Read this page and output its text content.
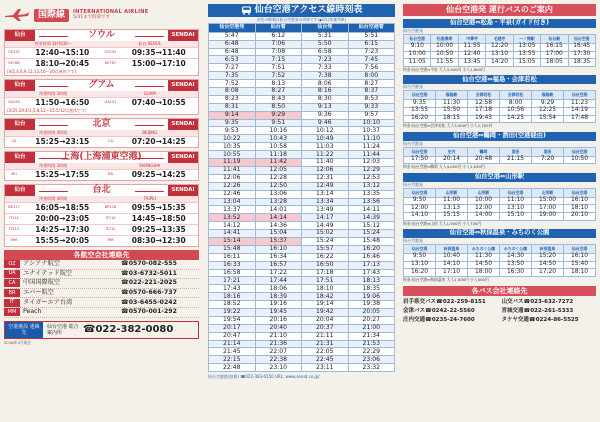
国際線	INTERNATIONAL AIRLINE
5/31まで時刻です
仙台	ソウル	SENDAI
所要時間 2時間30〜	仙台 SEOUL
OZ151	12:40→15:10	OZ152	09:35→11:40
KE768	18:10→20:45	KE767	15:00→17:10
(4/2,4,6,9,11,13,16〜20は運休です)
仙台	グアム	SENDAI
所要時間 3時間	GUAM
UA150	11:50→16:50	UA151	07:40→10:55
(3/25,29,4/1,5,8,12〜15,5/12は運休です)
仙台	北京	SENDAI
所要時間 4時間	BEIJING
CA	15:25→23:15	CA	07:20→14:25
仙台	上海(上海浦東空港)	SENDAI
所要時間 3時間	SHANGHAI
MU	15:25→17:55	MU	09:25→14:25
仙台	台北	SENDAI
所要時間 4時間	TAIPEI
BR117	16:05→18:55	BR118	09:55→15:35
IT211	20:00→23:05	IT210	14:45→18:50
IT213	14:25→17:30	IT212	09:25→13:35
MM	15:55→20:05	MM	08:30→12:30
各航空会社連絡先
OZ	アシアナ航空	☎0570-082-555
UA	ユナイテッド航空	☎03-6732-5011
CA	中国国際航空	☎022-221-2025
BR	エバー航空	☎0570-666-737
IT	タイガーエア台湾	☎03-6455-0242
MM	Peach	☎0570-001-292
空港施設 連絡先
仙台空港 総合案内所	☎022-382-0080
2018年3月現在
仙台空港アクセス線時刻表
赤色の時刻は仙台空港発の列車です(◆印は快速列車)
仙台空港発	仙台着	仙台発	仙台空港着
5:47	6:12	5:31	5:51
6:48	7:06	5:50	6:15
6:48	7:08	6:58	7:23
6:53	7:15	7:23	7:45
7:27	7:51	7:33	7:56
7:35	7:52	7:38	8:00
7:52	8:13	8:06	8:27
8:08	8:27	8:16	8:37
8:23	8:43	8:30	8:53
8:31	8:50	9:13	9:33
9:14	9:29	9:36	9:57
9:35	9:51	9:46	10:10
9:53	10:16	10:12	10:37
10:22	10:43	10:49	11:10
10:35	10:58	11:03	11:24
10:55	11:18	11:22	11:44
11:19	11:42	11:40	12:03
11:41	12:05	12:06	12:29
12:06	12:28	12:31	12:53
12:26	12:50	12:49	13:12
12:46	13:06	13:14	13:35
13:04	13:28	13:34	13:56
13:37	14:01	13:49	14:11
13:52	14:14	14:17	14:39
14:12	14:36	14:49	15:12
14:41	15:04	15:02	15:24
15:14	15:37	15:24	15:48
15:48	16:10	15:57	16:20
16:11	16:34	16:22	16:46
16:33	16:57	16:50	17:13
16:58	17:22	17:18	17:43
17:21	17:44	17:51	18:13
17:43	18:06	18:10	18:35
18:16	18:39	18:42	19:06
18:52	19:16	19:14	19:38
19:22	19:45	19:42	20:05
19:54	20:16	20:04	20:27
20:17	20:40	20:37	21:00
20:47	21:10	21:11	21:34
21:14	21:36	21:31	21:53
21:45	22:07	22:05	22:29
22:15	22:38	22:45	23:06
22:48	23:10	23:11	23:32
仙台空港鉄道(株) ☎022-383-0150 URL: www.senat.co.jp/
仙台空港発 運行バスのご案内
仙台空港⇔松島・平泉(ガイド付き)
仙台空港発
仙台空港	松島海岸	中尊寺	毛越寺	一ノ関駅	仙台駅	仙台空港
9:10	10:00	11:55	12:20	13:05	16:15	16:45
10:00	10:50	12:40	13:10	13:55	17:00	17:30
11:05	11:55	13:45	14:20	15:05	18:05	18:35
料金:仙台空港⇔平泉 大人3,500円 小人1,800円
仙台空港⇔福島・会津若松
仙台空港発
仙台空港	福島駅	会津若松	会津若松	福島駅	仙台空港
9:35	11:30	12:58	8:00	9:29	11:23
13:55	15:50	17:18	10:56	12:25	14:19
16:20	18:15	19:43	14:25	15:54	17:48
料金:仙台空港⇔会津若松 大人3,500円 小人1,750円
仙台空港⇔鶴岡・酒田(空港経由)
仙台空港発
仙台空港	庄内	鶴岡	酒田	酒田	仙台空港
17:50	20:14	20:48	21:15	7:20	10:50
料金:仙台空港⇔鶴岡 大人4,050円 小人2,030円
仙台空港⇔山形駅
仙台空港発
仙台空港	山形駅	山形駅	仙台空港	山形駅	仙台空港
9:50	11:00	10:00	11:10	15:00	16:10
12:00	13:13	12:00	13:10	17:00	18:10
14:10	15:15	14:00	15:10	19:00	20:10
料金:仙台空港⇔山形 大人1,500円 小人750円
仙台空港⇔秋保温泉・みちのく公園
仙台空港発
仙台空港	秋保温泉	みちのく公園	みちのく公園	秋保温泉	仙台空港
9:50	10:40	11:30	14:30	15:20	16:10
13:10	14:10	14:50	13:50	14:50	15:40
16:20	17:10	18:00	16:30	17:20	18:10
料金:仙台空港⇔秋保温泉 大人1,000円 小人500円
各バス会社連絡先
岩手県交バス☎022-259-8151	山交バス☎023-632-7272
会津バス☎0242-22-5560	宮城交通☎022-261-5333
庄内交通☎0235-24-7600	タケヤ交通☎0224-86-5525
